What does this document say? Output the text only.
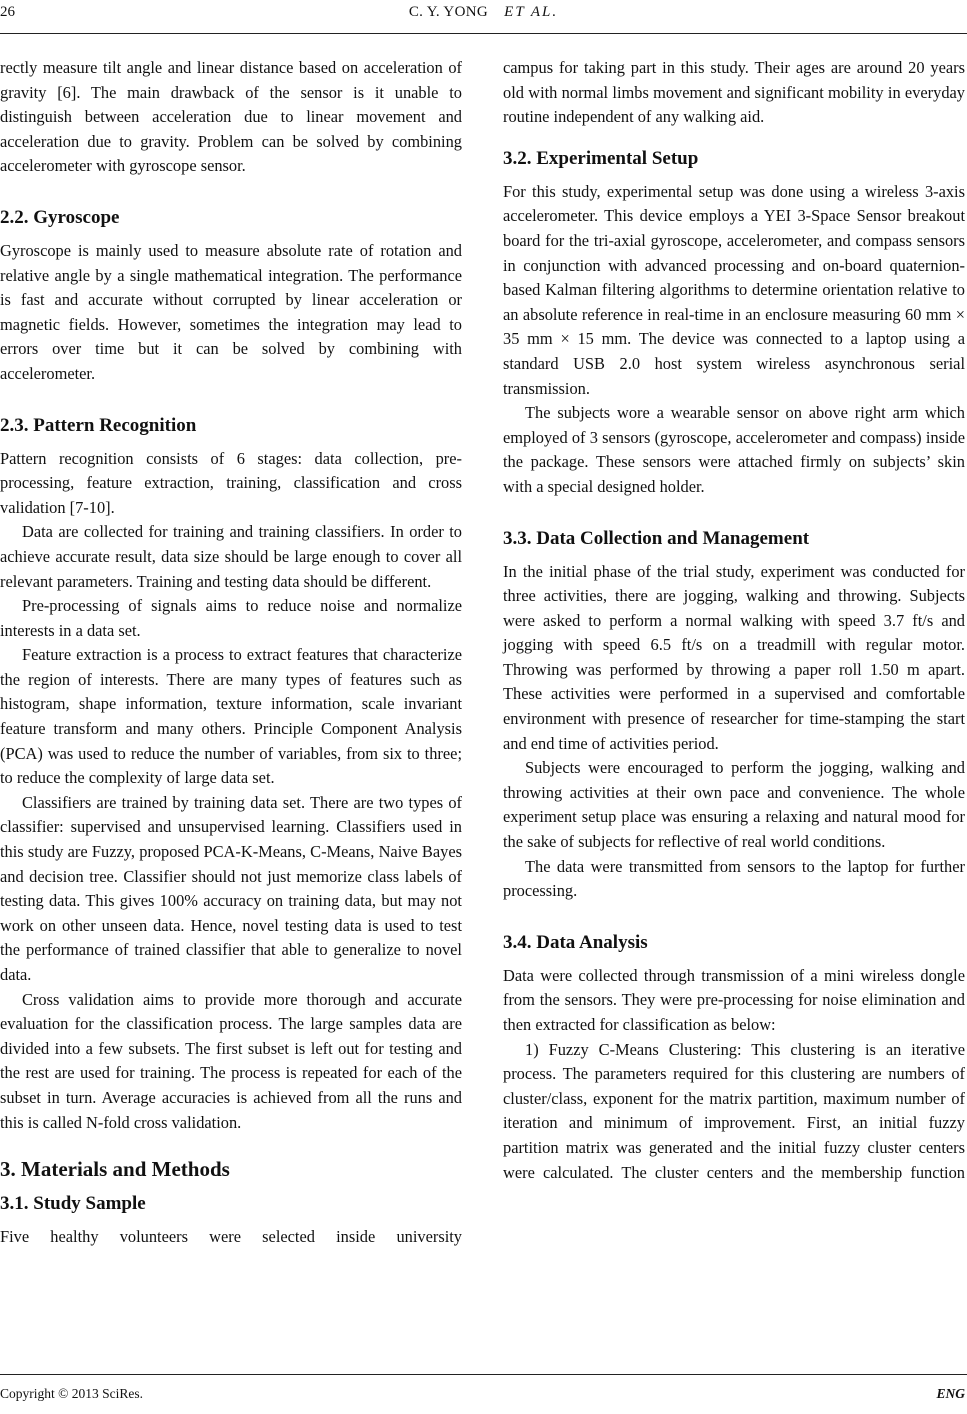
26	C. Y. YONG ET AL.

rectly measure tilt angle and linear distance based on acceleration of gravity [6]. The main drawback of the sensor is it unable to distinguish between acceleration due to linear movement and acceleration due to gravity. Problem can be solved by combining accelerometer with gyroscope sensor.

2.2. Gyroscope

Gyroscope is mainly used to measure absolute rate of rotation and relative angle by a single mathematical integration. The performance is fast and accurate without corrupted by linear acceleration or magnetic fields. However, sometimes the integration may lead to errors over time but it can be solved by combining with accelerometer.

2.3. Pattern Recognition

Pattern recognition consists of 6 stages: data collection, pre-processing, feature extraction, training, classification and cross validation [7-10].

Data are collected for training and training classifiers. In order to achieve accurate result, data size should be large enough to cover all relevant parameters. Training and testing data should be different.

Pre-processing of signals aims to reduce noise and normalize interests in a data set.

Feature extraction is a process to extract features that characterize the region of interests. There are many types of features such as histogram, shape information, texture information, scale invariant feature transform and many others. Principle Component Analysis (PCA) was used to reduce the number of variables, from six to three; to reduce the complexity of large data set.

Classifiers are trained by training data set. There are two types of classifier: supervised and unsupervised learning. Classifiers used in this study are Fuzzy, proposed PCA-K-Means, C-Means, Naive Bayes and decision tree. Classifier should not just memorize class labels of testing data. This gives 100% accuracy on training data, but may not work on other unseen data. Hence, novel testing data is used to test the performance of trained classifier that able to generalize to novel data.

Cross validation aims to provide more thorough and accurate evaluation for the classification process. The large samples data are divided into a few subsets. The first subset is left out for testing and the rest are used for training. The process is repeated for each of the subset in turn. Average accuracies is achieved from all the runs and this is called N-fold cross validation.

3. Materials and Methods
3.1. Study Sample

Five healthy volunteers were selected inside university

campus for taking part in this study. Their ages are around 20 years old with normal limbs movement and significant mobility in everyday routine independent of any walking aid.

3.2. Experimental Setup

For this study, experimental setup was done using a wireless 3-axis accelerometer. This device employs a YEI 3-Space Sensor breakout board for the tri-axial gyroscope, accelerometer, and compass sensors in conjunction with advanced processing and on-board quaternion-based Kalman filtering algorithms to determine orientation relative to an absolute reference in real-time in an enclosure measuring 60 mm × 35 mm × 15 mm. The device was connected to a laptop using a standard USB 2.0 host system wireless asynchronous serial transmission.

The subjects wore a wearable sensor on above right arm which employed of 3 sensors (gyroscope, accelerometer and compass) inside the package. These sensors were attached firmly on subjects’ skin with a special designed holder.

3.3. Data Collection and Management

In the initial phase of the trial study, experiment was conducted for three activities, there are jogging, walking and throwing. Subjects were asked to perform a normal walking with speed 3.7 ft/s and jogging with speed 6.5 ft/s on a treadmill with regular motor. Throwing was performed by throwing a paper roll 1.50 m apart. These activities were performed in a supervised and comfortable environment with presence of researcher for time-stamping the start and end time of activities period.

Subjects were encouraged to perform the jogging, walking and throwing activities at their own pace and convenience. The whole experiment setup place was ensuring a relaxing and natural mood for the sake of subjects for reflective of real world conditions.

The data were transmitted from sensors to the laptop for further processing.

3.4. Data Analysis

Data were collected through transmission of a mini wireless dongle from the sensors. They were pre-processing for noise elimination and then extracted for classification as below:

1) Fuzzy C-Means Clustering: This clustering is an iterative process. The parameters required for this clustering are numbers of cluster/class, exponent for the matrix partition, maximum number of iteration and minimum of improvement. First, an initial fuzzy partition matrix was generated and the initial fuzzy cluster centers were calculated. The cluster centers and the membership function

Copyright © 2013 SciRes.	ENG
